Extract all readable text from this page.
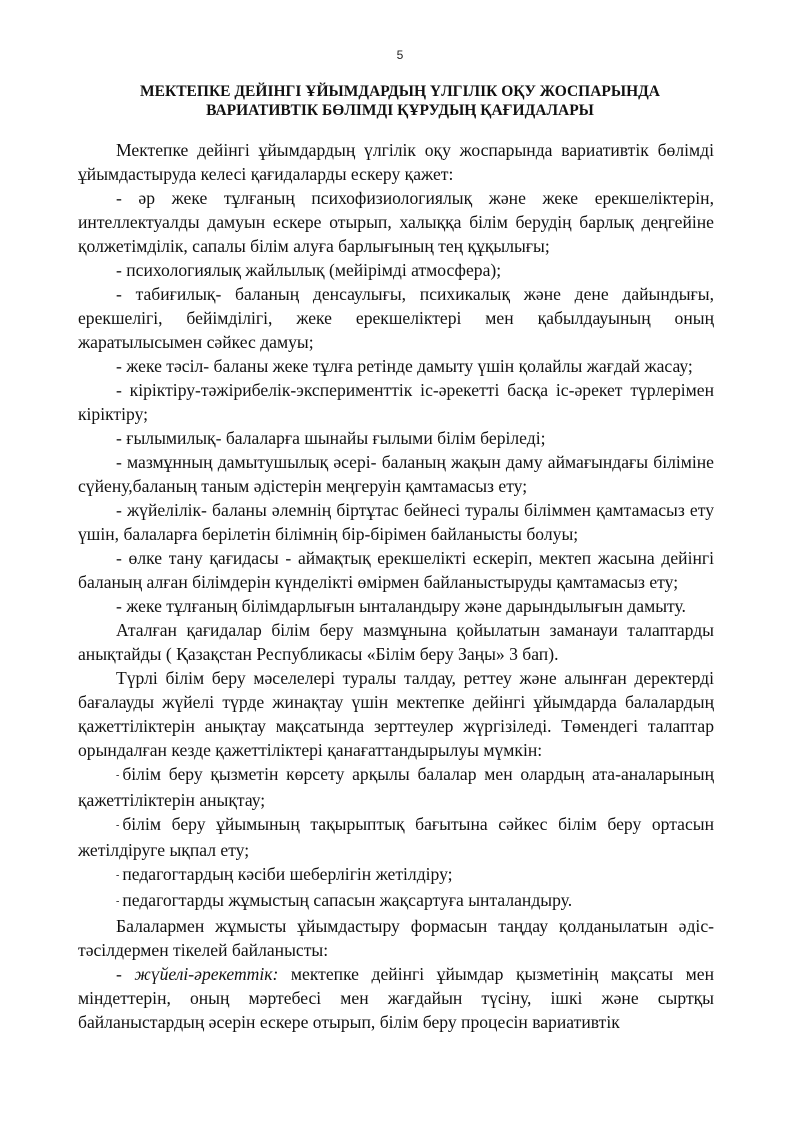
5
МЕКТЕПКЕ ДЕЙІНГІ ҰЙЫМДАРДЫҢ ҮЛГІЛІК ОҚУ ЖОСПАРЫНДА
ВАРИАТИВТІК БӨЛІМДІ ҚҰРУДЫҢ ҚАҒИДАЛАРЫ

Мектепке дейінгі ұйымдардың үлгілік оқу жоспарында вариативтік бөлімді ұйымдастыруда келесі қағидаларды ескеру қажет:

- әр жеке тұлғаның психофизиологиялық және жеке ерекшеліктерін, интеллектуалды дамуын ескере отырып, халыққа білім берудің барлық деңгейіне қолжетімділік, сапалы білім алуға барлығының тең құқылығы;

- психологиялық жайлылық (мейірімді атмосфера);

- табиғилық- баланың денсаулығы, психикалық және дене дайындығы, ерекшелігі, бейімділігі, жеке ерекшеліктері мен қабылдауының оның жаратылысымен сәйкес дамуы;

- жеке тәсіл- баланы жеке тұлға ретінде дамыту үшін қолайлы жағдай жасау;

- кіріктіру-тәжірибелік-эксперименттік іс-әрекетті басқа іс-әрекет түрлерімен кіріктіру;

- ғылымилық- балаларға шынайы ғылыми білім беріледі;

- мазмұнның дамытушылық әсері- баланың жақын даму аймағындағы біліміне сүйену,баланың таным әдістерін меңгеруін қамтамасыз ету;

- жүйелілік- баланы әлемнің біртұтас бейнесі туралы біліммен қамтамасыз ету үшін, балаларға берілетін білімнің бір-бірімен байланысты болуы;

- өлке тану қағидасы - аймақтық ерекшелікті ескеріп, мектеп жасына дейінгі баланың алған білімдерін күнделікті өмірмен байланыстыруды қамтамасыз ету;

- жеке тұлғаның білімдарлығын ынталандыру және дарындылығын дамыту.

Аталған қағидалар білім беру мазмұнына қойылатын заманауи талаптарды анықтайды ( Қазақстан Республикасы «Білім беру Заңы» 3 бап).

Түрлі білім беру мәселелері туралы талдау, реттеу және алынған деректерді бағалауды жүйелі түрде жинақтау үшін мектепке дейінгі ұйымдарда балалардың қажеттіліктерін анықтау мақсатында зерттеулер жүргізіледі. Төмендегі талаптар орындалған кезде қажеттіліктері қанағаттандырылуы мүмкін:

- білім беру қызметін көрсету арқылы балалар мен олардың ата-аналарының қажеттіліктерін анықтау;

- білім беру ұйымының тақырыптық бағытына сәйкес білім беру ортасын жетілдіруге ықпал ету;

- педагогтардың кәсіби шеберлігін жетілдіру;

- педагогтарды жұмыстың сапасын жақсартуға ынталандыру.

Балалармен жұмысты ұйымдастыру формасын таңдау қолданылатын әдіс-тәсілдермен тікелей байланысты:

- жүйелі-әрекеттік: мектепке дейінгі ұйымдар қызметінің мақсаты мен міндеттерін, оның мәртебесі мен жағдайын түсіну, ішкі және сыртқы байланыстардың әсерін ескере отырып, білім беру процесін вариативтік
